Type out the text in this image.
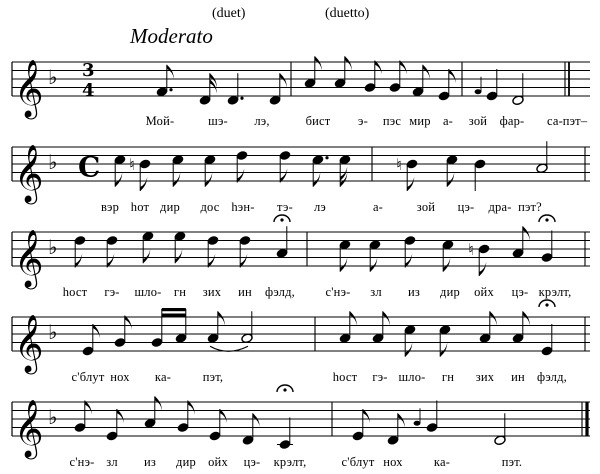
(duet)	(duetto)
Moderato
𝄞 ♭
𝄞 ♭
𝄞 ♭
𝄞 ♭
𝄞 ♭
3
4
C ♮	♮
♮
Мой-	шэ- лэ,	бист э- пэс мир а- зой фар- са- пэт–
вэр hот дир дос hэн- тэ- лэ	а-	зой цэ- дра- пэт?
hост гэ- шло- гн зих ин фэлд, с'нэ- зл из дир ойх цэ- крэлт,
с'блут нох ка-	пэт,	hост гэ- шло- гн зих ин фэлд,
с'нэ- зл из дир ойх цэ- крэлт,	с'блут нох ка-	пэт.
